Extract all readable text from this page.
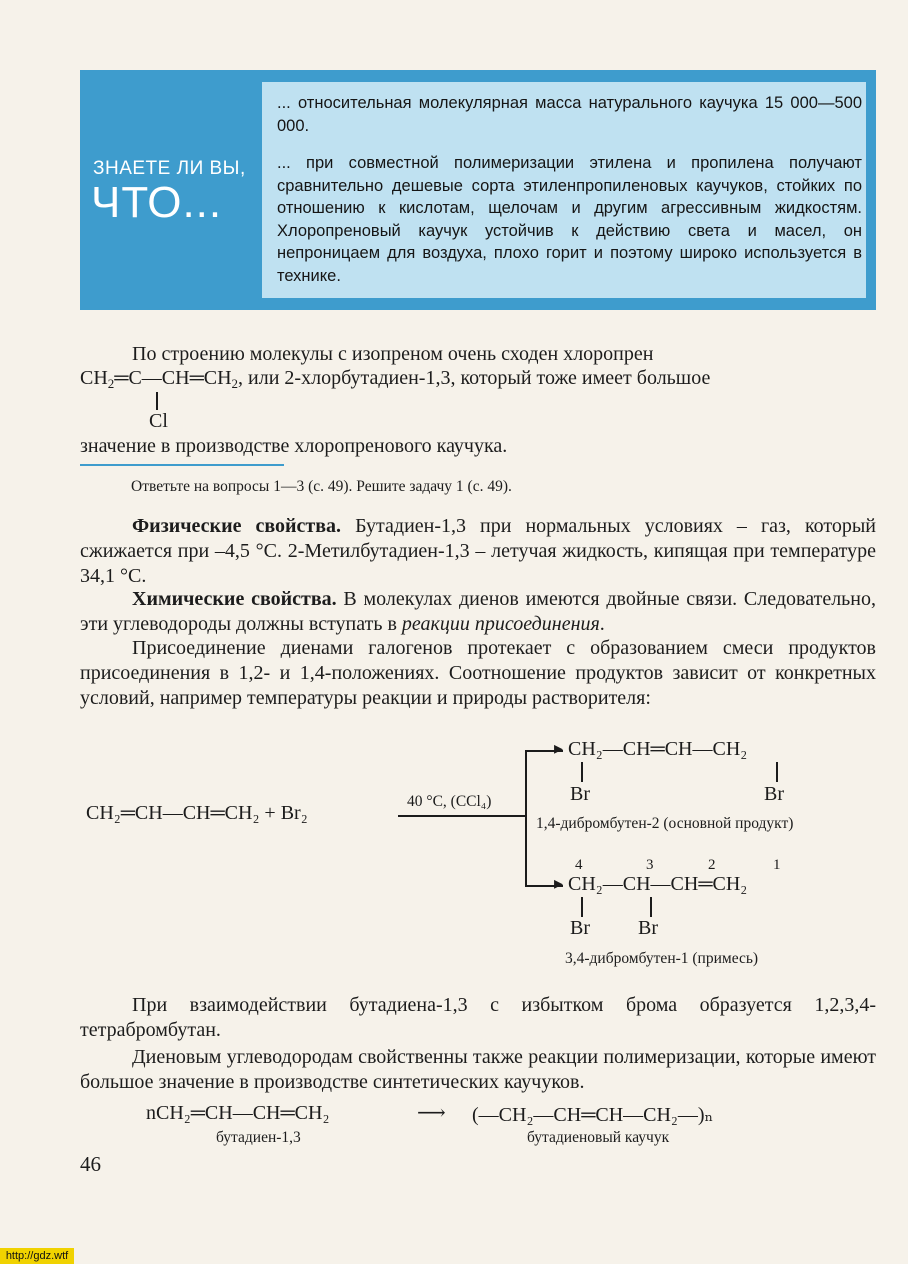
ЗНАЕТЕ ЛИ ВЫ,
ЧТО...
... относительная молекулярная масса натурального каучука 15 000—500 000.
... при совместной полимеризации этилена и пропилена получают сравнительно дешевые сорта этиленпропиленовых каучуков, стойких по отношению к кислотам, щелочам и другим агрессивным жидкостям. Хлоропреновый каучук устойчив к действию света и масел, он непроницаем для воздуха, плохо горит и поэтому широко используется в технике.
По строению молекулы с изопреном очень сходен хлоропрен
$CH_2═C—CH═CH_2$, или 2-хлорбутадиен-1,3, который тоже имеет большое
Cl
значение в производстве хлоропренового каучука.
Ответьте на вопросы 1—3 (с. 49). Решите задачу 1 (с. 49).
Физические свойства. Бутадиен-1,3 при нормальных условиях – газ, который сжижается при –4,5 °С. 2-Метилбутадиен-1,3 – летучая жидкость, кипящая при температуре 34,1 °С.
Химические свойства. В молекулах диенов имеются двойные связи. Следовательно, эти углеводороды должны вступать в реакции присоединения.
Присоединение диенами галогенов протекает с образованием смеси продуктов присоединения в 1,2- и 1,4-положениях. Соотношение продуктов зависит от конкретных условий, например температуры реакции и природы растворителя:
CH₂═CH—CH═CH₂ + Br₂
40 °C, (CCl₄)
▸
▸
CH₂—CH═CH—CH₂
Br	Br
1,4-дибромбутен-2 (основной продукт)
4	3	2	1
CH₂—CH—CH═CH₂
Br Br
3,4-дибромбутен-1 (примесь)
При взаимодействии бутадиена-1,3 с избытком брома образуется 1,2,3,4-тетрабромбутан.
Диеновым углеводородам свойственны также реакции полимеризации, которые имеют большое значение в производстве синтетических каучуков.
nCH₂═CH—CH═CH₂	⟶ (—CH₂—CH═CH—CH₂—)ₙ
бутадиен-1,3	бутадиеновый каучук
46
http://gdz.wtf
